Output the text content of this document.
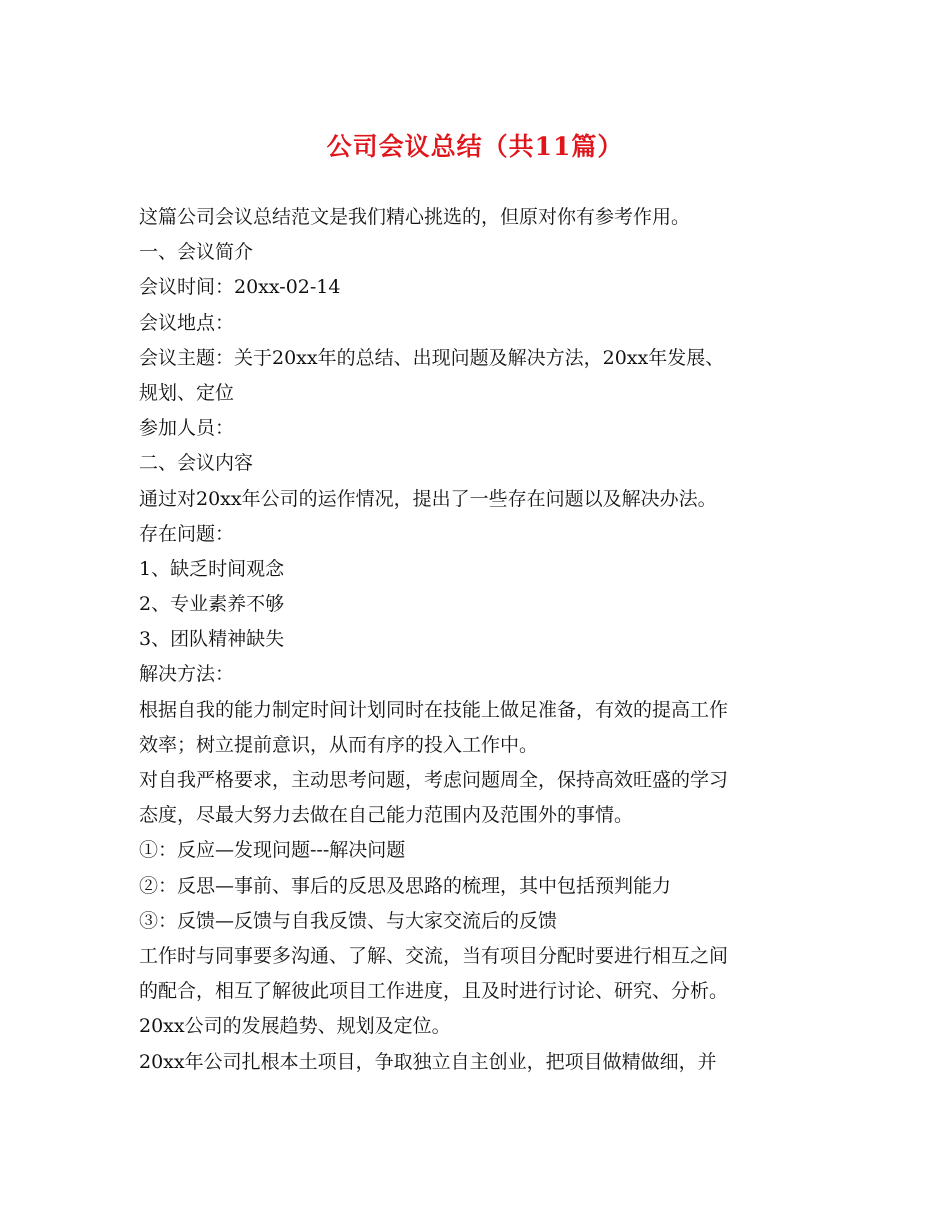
公司会议总结（共11篇）
这篇公司会议总结范文是我们精心挑选的，但原对你有参考作用。
一、会议简介
会议时间：20xx-02-14
会议地点：
会议主题：关于20xx年的总结、出现问题及解决方法，20xx年发展、
规划、定位
参加人员：
二、会议内容
通过对20xx年公司的运作情况，提出了一些存在问题以及解决办法。
存在问题：
1、缺乏时间观念
2、专业素养不够
3、团队精神缺失
解决方法：
根据自我的能力制定时间计划同时在技能上做足准备，有效的提高工作
效率；树立提前意识，从而有序的投入工作中。
对自我严格要求，主动思考问题，考虑问题周全，保持高效旺盛的学习
态度，尽最大努力去做在自己能力范围内及范围外的事情。
①：反应—发现问题---解决问题
②：反思—事前、事后的反思及思路的梳理，其中包括预判能力
③：反馈—反馈与自我反馈、与大家交流后的反馈
工作时与同事要多沟通、了解、交流，当有项目分配时要进行相互之间
的配合，相互了解彼此项目工作进度，且及时进行讨论、研究、分析。
20xx公司的发展趋势、规划及定位。
20xx年公司扎根本土项目，争取独立自主创业，把项目做精做细，并
